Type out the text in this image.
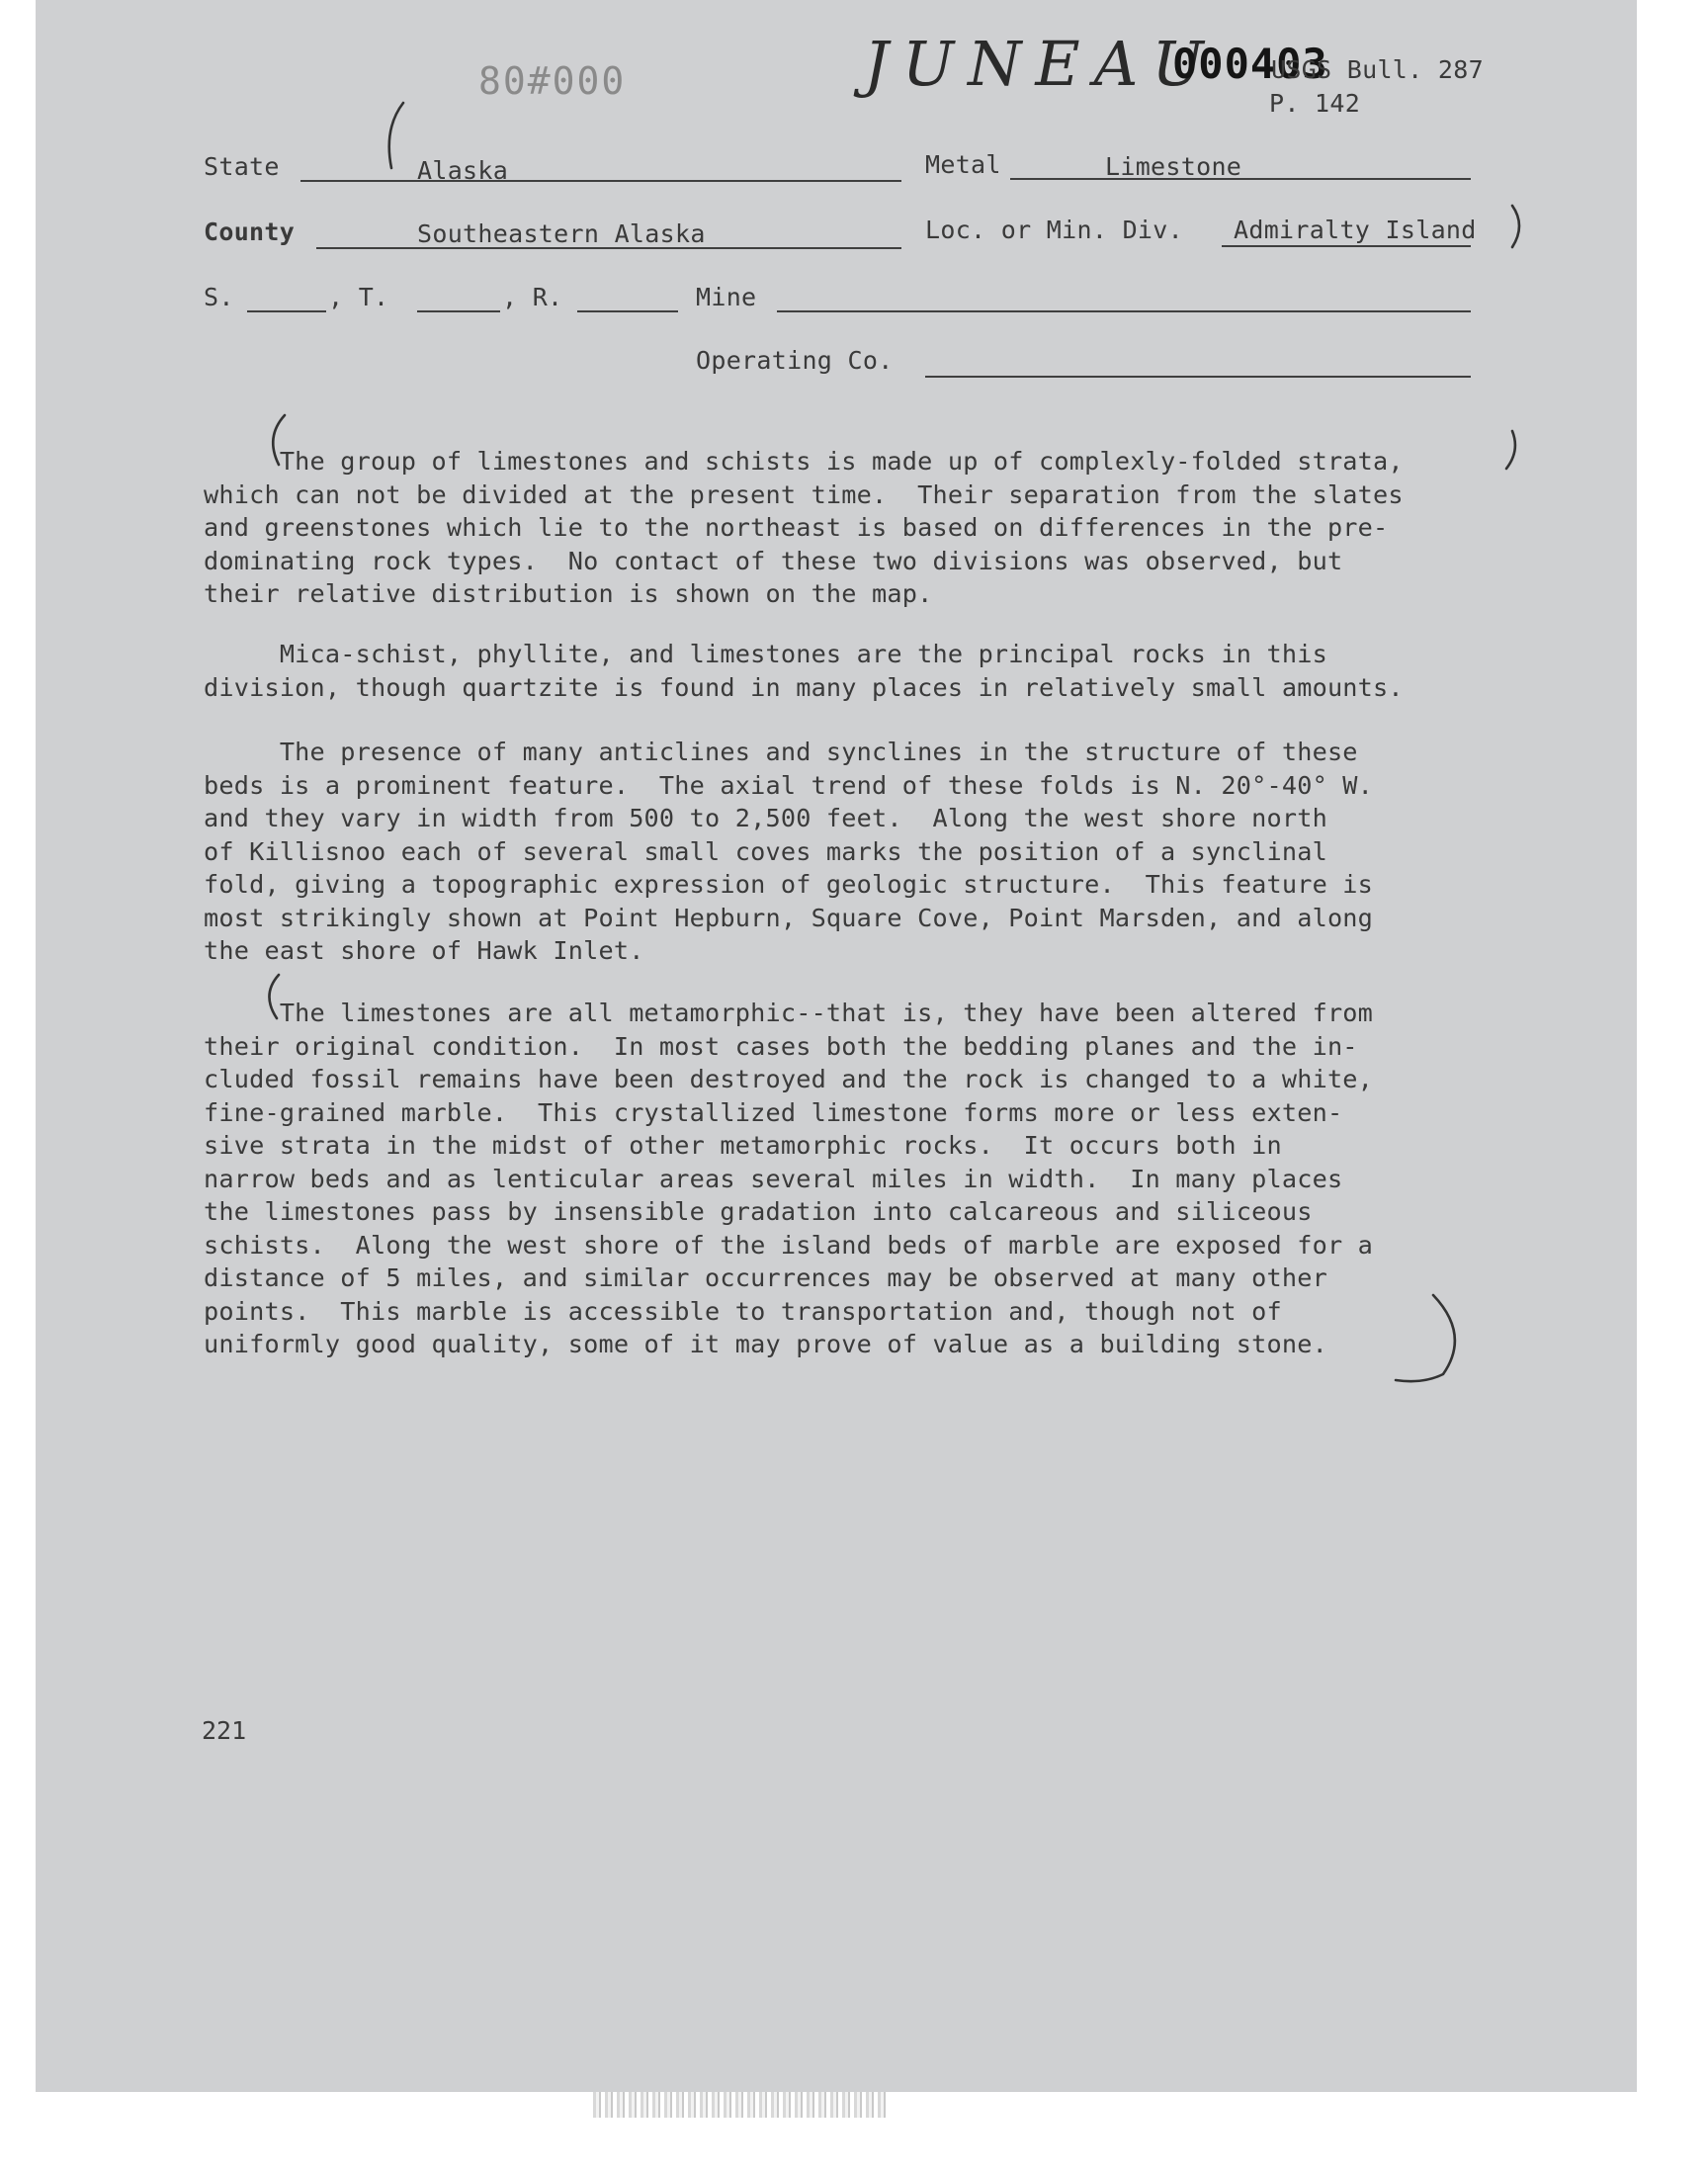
80#000	JUNEAU
000403
USGS Bull. 287
P. 142
State	Alaska	Metal	Limestone
County	Southeastern Alaska	Loc. or Min. Div. Admiralty Island
S.	, T.	, R.	Mine
Operating Co.
The group of limestones and schists is made up of complexly-folded strata,
which can not be divided at the present time.  Their separation from the slates
and greenstones which lie to the northeast is based on differences in the pre-
dominating rock types.  No contact of these two divisions was observed, but
their relative distribution is shown on the map.
Mica-schist, phyllite, and limestones are the principal rocks in this
division, though quartzite is found in many places in relatively small amounts.
The presence of many anticlines and synclines in the structure of these
beds is a prominent feature.  The axial trend of these folds is N. 20°-40° W.
and they vary in width from 500 to 2,500 feet.  Along the west shore north
of Killisnoo each of several small coves marks the position of a synclinal
fold, giving a topographic expression of geologic structure.  This feature is
most strikingly shown at Point Hepburn, Square Cove, Point Marsden, and along
the east shore of Hawk Inlet.
The limestones are all metamorphic--that is, they have been altered from
their original condition.  In most cases both the bedding planes and the in-
cluded fossil remains have been destroyed and the rock is changed to a white,
fine-grained marble.  This crystallized limestone forms more or less exten-
sive strata in the midst of other metamorphic rocks.  It occurs both in
narrow beds and as lenticular areas several miles in width.  In many places
the limestones pass by insensible gradation into calcareous and siliceous
schists.  Along the west shore of the island beds of marble are exposed for a
distance of 5 miles, and similar occurrences may be observed at many other
points.  This marble is accessible to transportation and, though not of
uniformly good quality, some of it may prove of value as a building stone.
221
